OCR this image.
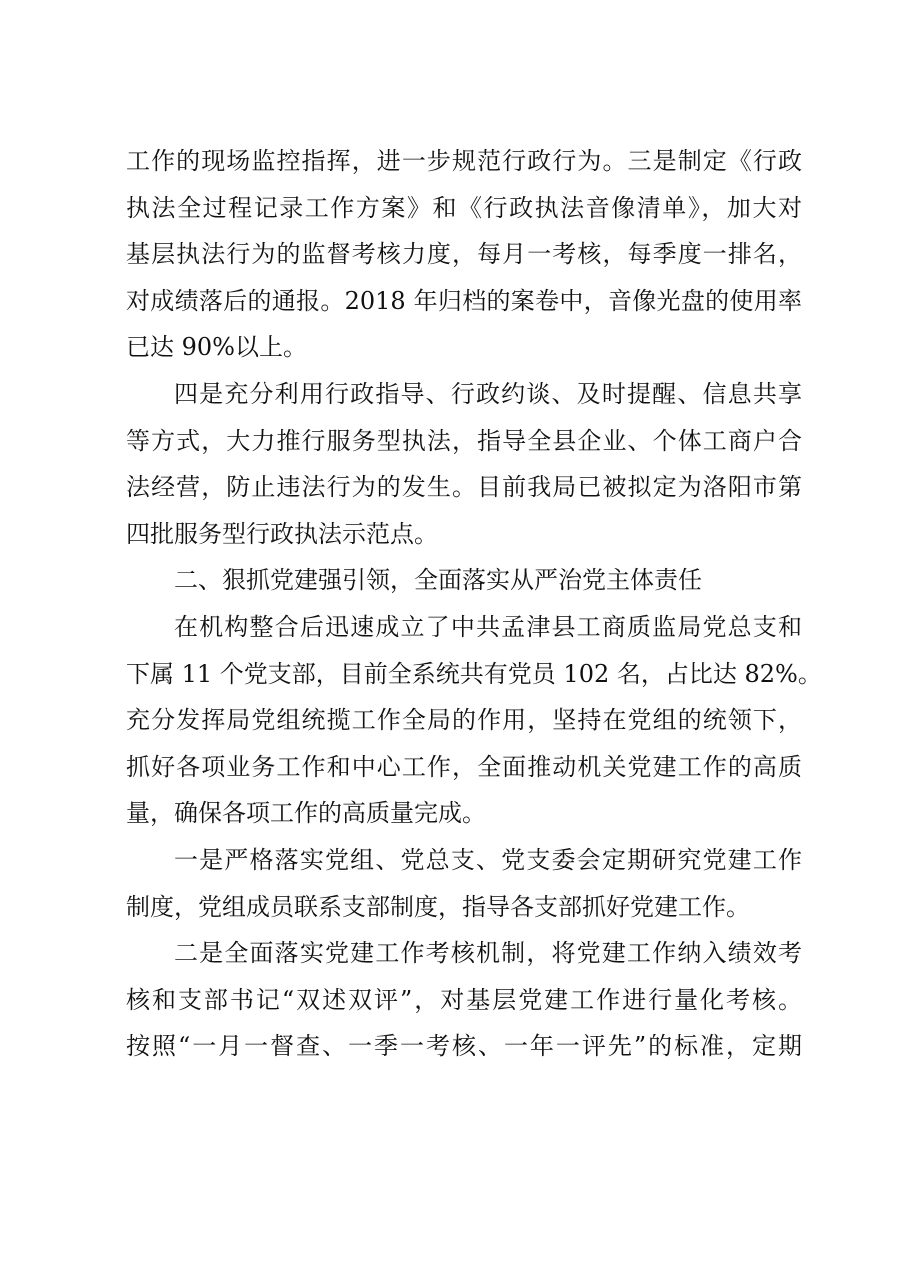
工作的现场监控指挥，进一步规范行政行为。三是制定《行政
执法全过程记录工作方案》和《行政执法音像清单》，加大对
基层执法行为的监督考核力度，每月一考核，每季度一排名，
对成绩落后的通报。2018 年归档的案卷中，音像光盘的使用率
已达 90%以上。
四是充分利用行政指导、行政约谈、及时提醒、信息共享
等方式，大力推行服务型执法，指导全县企业、个体工商户合
法经营，防止违法行为的发生。目前我局已被拟定为洛阳市第
四批服务型行政执法示范点。
二、狠抓党建强引领，全面落实从严治党主体责任
在机构整合后迅速成立了中共孟津县工商质监局党总支和
下属 11 个党支部，目前全系统共有党员 102 名，占比达 82%。
充分发挥局党组统揽工作全局的作用，坚持在党组的统领下，
抓好各项业务工作和中心工作，全面推动机关党建工作的高质
量，确保各项工作的高质量完成。
一是严格落实党组、党总支、党支委会定期研究党建工作
制度，党组成员联系支部制度，指导各支部抓好党建工作。
二是全面落实党建工作考核机制，将党建工作纳入绩效考
核和支部书记“双述双评”，对基层党建工作进行量化考核。
按照“一月一督查、一季一考核、一年一评先”的标准，定期
